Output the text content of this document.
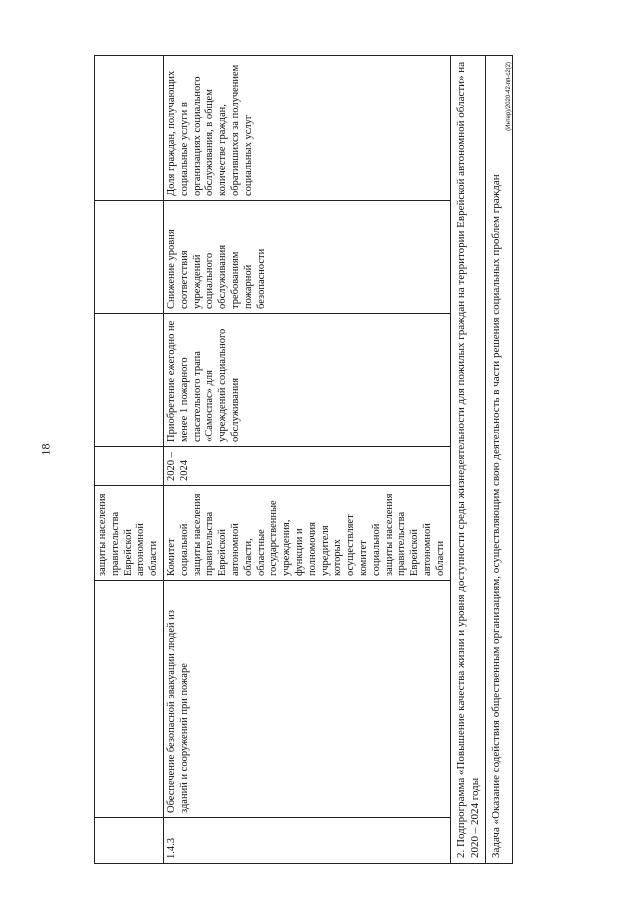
18
		защиты населения правительства Еврейской автономной области				
1.4.3	Обеспечение безопасной эвакуации людей из зданий и сооружений при пожаре	Комитет социальной защиты населения правительства Еврейской автономной области, областные государственные учреждения, функции и полномочия учредителя которых осуществляет комитет социальной защиты населения правительства Еврейской автономной области	2020 – 2024	Приобретение ежегодно не менее 1 пожарного спасательного трапа «Самоспас» для учреждений социального обслуживания	Снижение уровня соответствия учреждений социального обслуживания требованиям пожарной безопасности	Доля граждан, получающих социальные услуги в организациях социального обслуживания, в общем количестве граждан, обратившихся за получением социальных услуг
2. Подпрограмма «Повышение качества жизни и уровня доступности среды жизнедеятельности для пожилых граждан на территории Еврейской автономной области» на 2020 – 2024 годы						
Задача «Оказание содействия общественным организациям, осуществляющим свою деятельность в части решения социальных проблем граждан
(Интер)/2020-42-пп-c2(2)						
